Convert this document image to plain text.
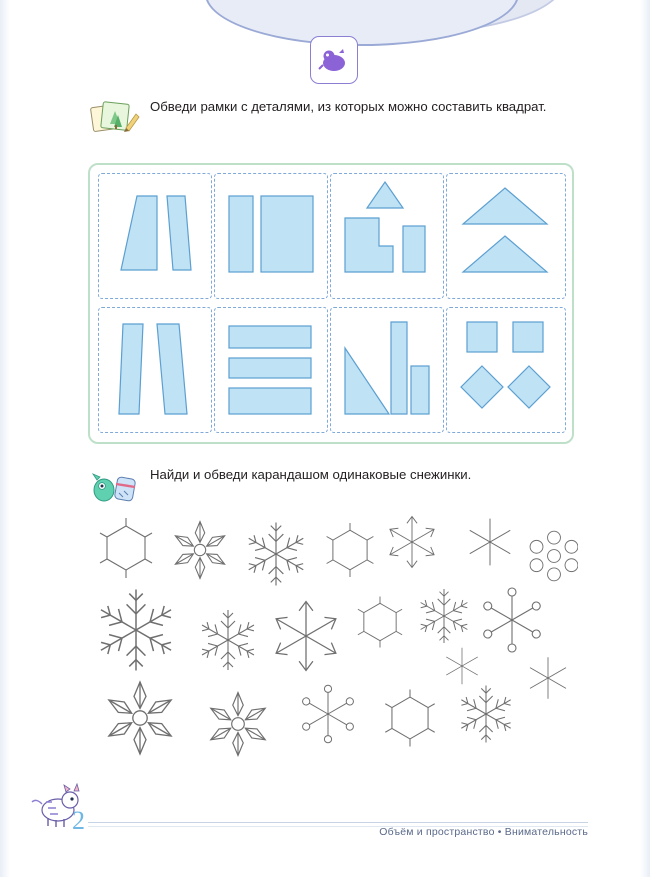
Обведи рамки с деталями, из которых можно составить квадрат.
Найди и обведи карандашом одинаковые снежинки.
2	Объём и пространство • Внимательность
